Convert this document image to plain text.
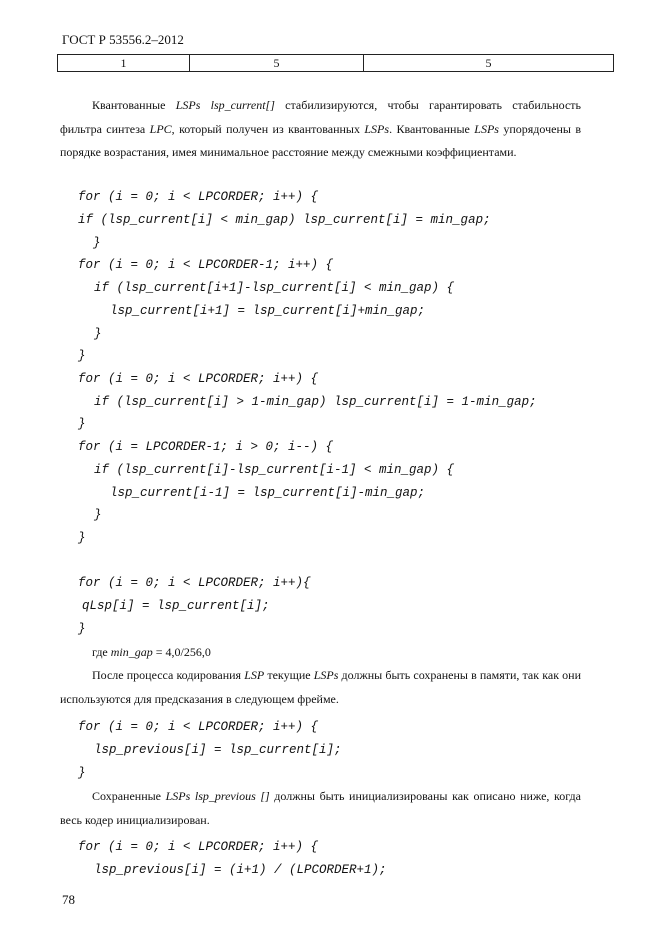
ГОСТ Р 53556.2–2012
1	5	5
Квантованные LSPs lsp_current[] стабилизируются, чтобы гарантировать стабильность фильтра синтеза LPC, который получен из квантованных LSPs. Квантованные LSPs упорядочены в порядке возрастания, имея минимальное расстояние между смежными коэффициентами.
for (i = 0; i < LPCORDER; i++) {
if (lsp_current[i] < min_gap) lsp_current[i] = min_gap;
}
for (i = 0; i < LPCORDER-1; i++) {
if (lsp_current[i+1]-lsp_current[i] < min_gap) {
lsp_current[i+1] = lsp_current[i]+min_gap;
}
}
for (i = 0; i < LPCORDER; i++) {
if (lsp_current[i] > 1-min_gap) lsp_current[i] = 1-min_gap;
}
for (i = LPCORDER-1; i > 0; i--) {
if (lsp_current[i]-lsp_current[i-1] < min_gap) {
lsp_current[i-1] = lsp_current[i]-min_gap;
}
}
for (i = 0; i < LPCORDER; i++){
qLsp[i] = lsp_current[i];
}
где min_gap = 4,0/256,0
После процесса кодирования LSP текущие LSPs должны быть сохранены в памяти, так как они используются для предсказания в следующем фрейме.
for (i = 0; i < LPCORDER; i++) {
lsp_previous[i] = lsp_current[i];
}
Сохраненные LSPs lsp_previous [] должны быть инициализированы как описано ниже, когда весь кодер инициализирован.
for (i = 0; i < LPCORDER; i++) {
lsp_previous[i] = (i+1) / (LPCORDER+1);
78
